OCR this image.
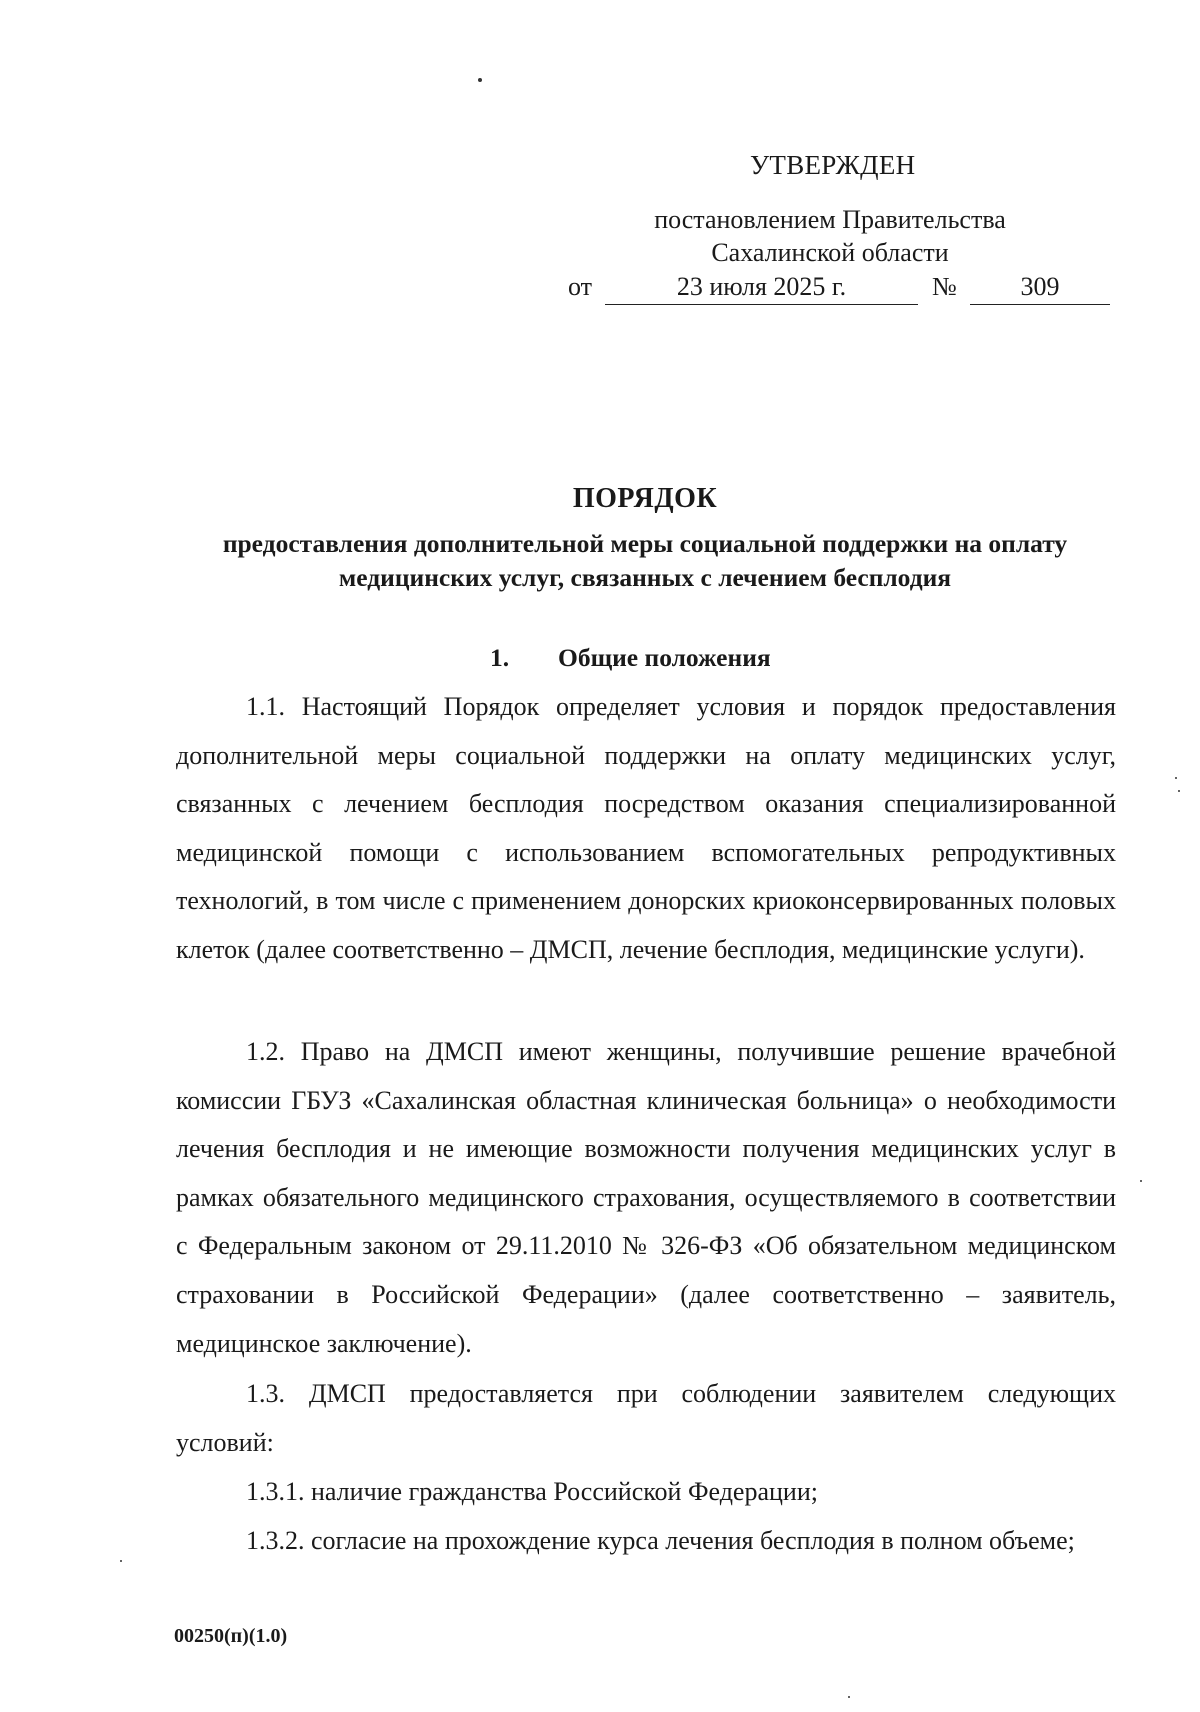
УТВЕРЖДЕН
постановлением Правительства
Сахалинской области
от	23 июля 2025 г.	№	309
ПОРЯДОК
предоставления дополнительной меры социальной поддержки на оплату медицинских услуг, связанных с лечением бесплодия
1. Общие положения

1.1. Настоящий Порядок определяет условия и порядок предоставления дополнительной меры социальной поддержки на оплату медицинских услуг, связанных с лечением бесплодия посредством оказания специализированной медицинской помощи с использованием вспомогательных репродуктивных технологий, в том числе с применением донорских криоконсервированных половых клеток (далее соответственно – ДМСП, лечение бесплодия, медицинские услуги).

1.2. Право на ДМСП имеют женщины, получившие решение врачебной комиссии ГБУЗ «Сахалинская областная клиническая больница» о необходимости лечения бесплодия и не имеющие возможности получения медицинских услуг в рамках обязательного медицинского страхования, осуществляемого в соответствии с Федеральным законом от 29.11.2010 № 326-ФЗ «Об обязательном медицинском страховании в Российской Федерации» (далее соответственно – заявитель, медицинское заключение).

1.3. ДМСП предоставляется при соблюдении заявителем следующих условий:

1.3.1. наличие гражданства Российской Федерации;

1.3.2. согласие на прохождение курса лечения бесплодия в полном объеме;

00250(п)(1.0)
